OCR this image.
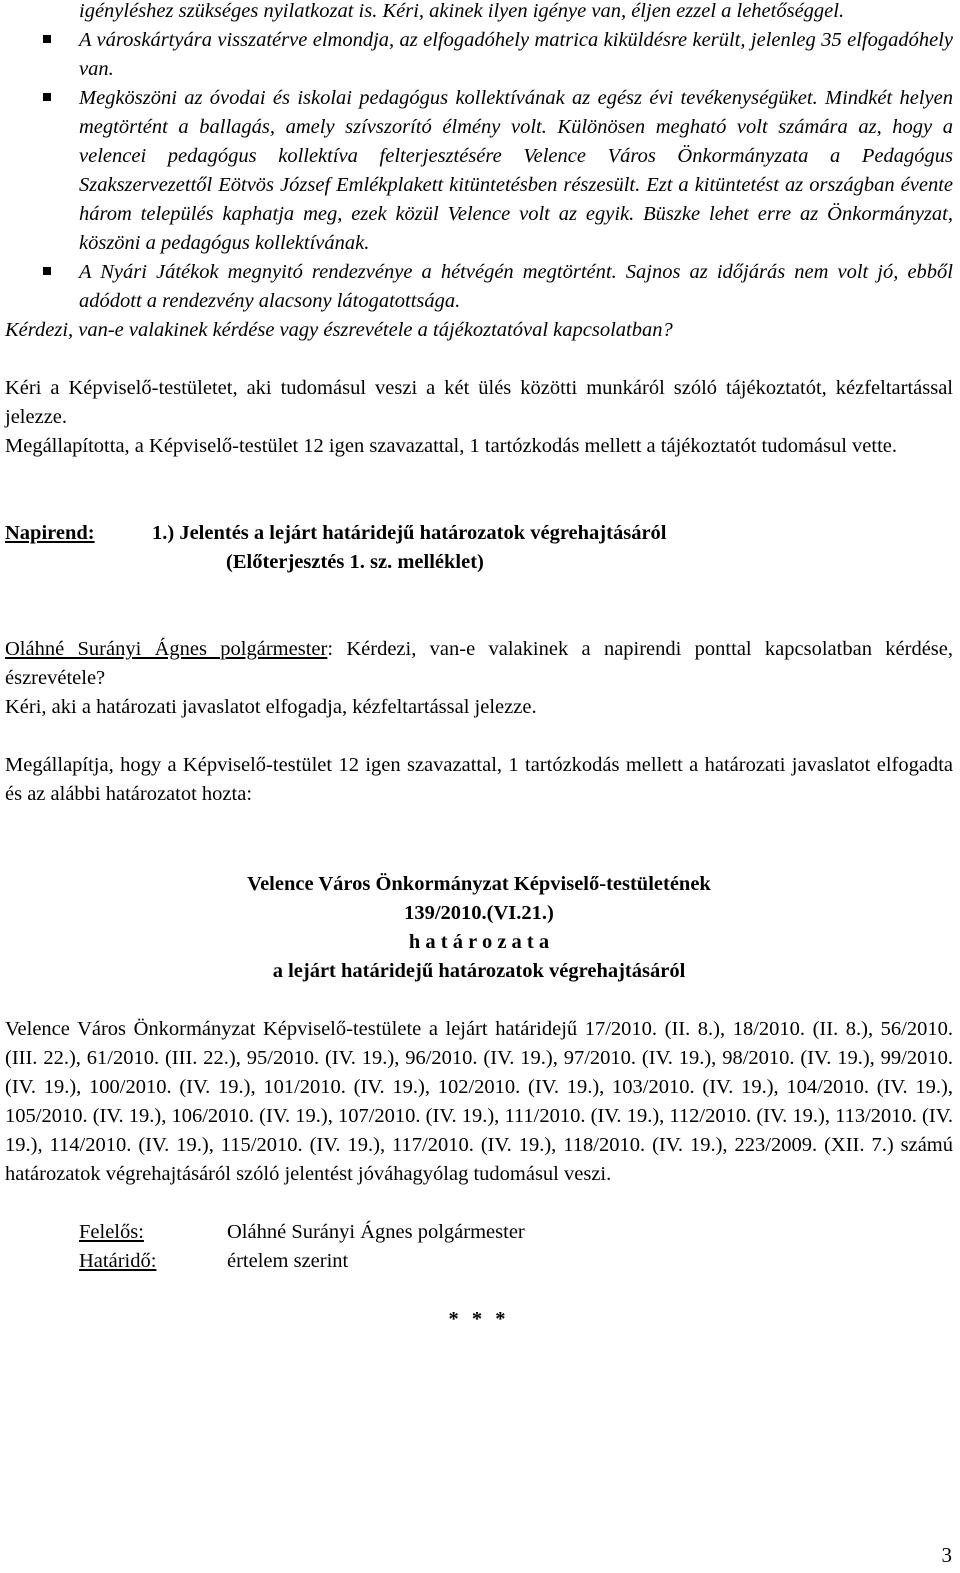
igényléshez szükséges nyilatkozat is. Kéri, akinek ilyen igénye van, éljen ezzel a lehetőséggel.

A városkártyára visszatérve elmondja, az elfogadóhely matrica kiküldésre került, jelenleg 35 elfogadóhely van.

Megköszöni az óvodai és iskolai pedagógus kollektívának az egész évi tevékenységüket. Mindkét helyen megtörtént a ballagás, amely szívszorító élmény volt. Különösen megható volt számára az, hogy a velencei pedagógus kollektíva felterjesztésére Velence Város Önkormányzata a Pedagógus Szakszervezettől Eötvös József Emlékplakett kitüntetésben részesült. Ezt a kitüntetést az országban évente három település kaphatja meg, ezek közül Velence volt az egyik. Büszke lehet erre az Önkormányzat, köszöni a pedagógus kollektívának.

A Nyári Játékok megnyitó rendezvénye a hétvégén megtörtént. Sajnos az időjárás nem volt jó, ebből adódott a rendezvény alacsony látogatottsága.

Kérdezi, van-e valakinek kérdése vagy észrevétele a tájékoztatóval kapcsolatban?

Kéri a Képviselő-testületet, aki tudomásul veszi a két ülés közötti munkáról szóló tájékoztatót, kézfeltartással jelezze.

Megállapította, a Képviselő-testület 12 igen szavazattal, 1 tartózkodás mellett a tájékoztatót tudomásul vette.

Napirend:	1.) Jelentés a lejárt határidejű határozatok végrehajtásáról
(Előterjesztés 1. sz. melléklet)

Oláhné Surányi Ágnes polgármester: Kérdezi, van-e valakinek a napirendi ponttal kapcsolatban kérdése, észrevétele?

Kéri, aki a határozati javaslatot elfogadja, kézfeltartással jelezze.

Megállapítja, hogy a Képviselő-testület 12 igen szavazattal, 1 tartózkodás mellett a határozati javaslatot elfogadta és az alábbi határozatot hozta:

Velence Város Önkormányzat Képviselő-testületének

139/2010.(VI.21.)

h a t á r o z a t a

a lejárt határidejű határozatok végrehajtásáról

Velence Város Önkormányzat Képviselő-testülete a lejárt határidejű 17/2010. (II. 8.), 18/2010. (II. 8.), 56/2010. (III. 22.), 61/2010. (III. 22.), 95/2010. (IV. 19.), 96/2010. (IV. 19.), 97/2010. (IV. 19.), 98/2010. (IV. 19.), 99/2010. (IV. 19.), 100/2010. (IV. 19.), 101/2010. (IV. 19.), 102/2010. (IV. 19.), 103/2010. (IV. 19.), 104/2010. (IV. 19.), 105/2010. (IV. 19.), 106/2010. (IV. 19.), 107/2010. (IV. 19.), 111/2010. (IV. 19.), 112/2010. (IV. 19.), 113/2010. (IV. 19.), 114/2010. (IV. 19.), 115/2010. (IV. 19.), 117/2010. (IV. 19.), 118/2010. (IV. 19.), 223/2009. (XII. 7.) számú határozatok végrehajtásáról szóló jelentést jóváhagyólag tudomásul veszi.

Felelős:	Oláhné Surányi Ágnes polgármester
Határidő:	értelem szerint

* * *

3
